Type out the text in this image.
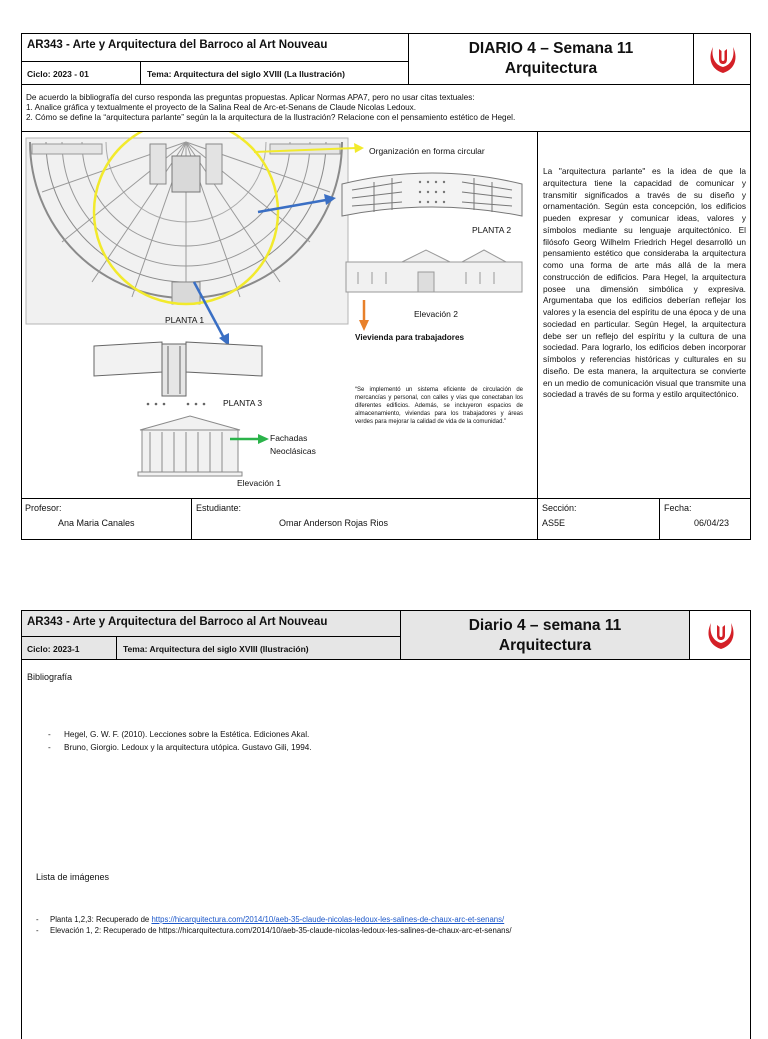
AR343 - Arte y Arquitectura del Barroco al Art Nouveau
Ciclo: 2023 - 01	Tema: Arquitectura del siglo XVIII (La Ilustración)
DIARIO 4 – Semana 11
Arquitectura
De acuerdo la bibliografía del curso responda las preguntas propuestas. Aplicar Normas APA7, pero no usar citas textuales:
1. Analice gráfica y textualmente el proyecto de la Salina Real de Arc-et-Senans de Claude Nicolas Ledoux.
2. Cómo se define la “arquitectura parlante” según la la arquitectura de la Ilustración? Relacione con el pensamiento estético de Hegel.
Organización en forma circular
PLANTA 2
PLANTA 1
Elevación 2
Vievienda para trabajadores
PLANTA 3
Fachadas
Neoclásicas
Elevación 1
“Se implementó un sistema eficiente de circulación de mercancías y personal, con calles y vías que conectaban los diferentes edificios. Además, se incluyeron espacios de almacenamiento, viviendas para los trabajadores y áreas verdes para mejorar la calidad de vida de la comunidad.”
La "arquitectura parlante" es la idea de que la arquitectura tiene la capacidad de comunicar y transmitir significados a través de su diseño y ornamentación. Según esta concepción, los edificios pueden expresar y comunicar ideas, valores y símbolos mediante su lenguaje arquitectónico. El filósofo Georg Wilhelm Friedrich Hegel desarrolló un pensamiento estético que consideraba la arquitectura como una forma de arte más allá de la mera construcción de edificios. Para Hegel, la arquitectura posee una dimensión simbólica y expresiva. Argumentaba que los edificios deberían reflejar los valores y la esencia del espíritu de una época y de una sociedad en particular. Según Hegel, la arquitectura debe ser un reflejo del espíritu y la cultura de una sociedad. Para lograrlo, los edificios deben incorporar símbolos y referencias históricas y culturales en su diseño. De esta manera, la arquitectura se convierte en un medio de comunicación visual que transmite una sociedad a través de su forma y estilo arquitectónico.
Profesor:
Ana Maria Canales
Estudiante:
Omar Anderson Rojas Rios
Sección:
AS5E
Fecha:
06/04/23
AR343 - Arte y Arquitectura del Barroco al Art Nouveau
Ciclo: 2023-1	Tema: Arquitectura del siglo XVIII (Ilustración)
Diario 4 – semana 11
Arquitectura
Bibliografía
- Hegel, G. W. F. (2010). Lecciones sobre la Estética. Ediciones Akal.
- Bruno, Giorgio. Ledoux y la arquitectura utópica. Gustavo Gili, 1994.
Lista de imágenes
- Planta 1,2,3: Recuperado de https://hicarquitectura.com/2014/10/aeb-35-claude-nicolas-ledoux-les-salines-de-chaux-arc-et-senans/
- Elevación 1, 2: Recuperado de https://hicarquitectura.com/2014/10/aeb-35-claude-nicolas-ledoux-les-salines-de-chaux-arc-et-senans/
